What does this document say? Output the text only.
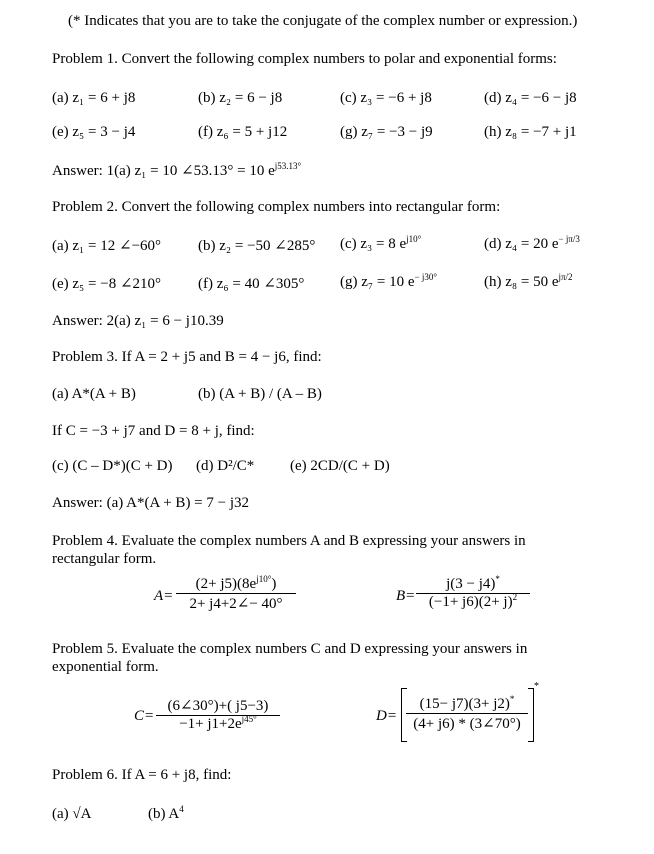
(* Indicates that you are to take the conjugate of the complex number or expression.)
Problem 1. Convert the following complex numbers to polar and exponential forms:
(a) z₁ = 6 + j8	(b) z₂ = 6 − j8	(c) z₃ = −6 + j8	(d) z₄ = −6 − j8
(e) z₅ = 3 − j4	(f) z₆ = 5 + j12	(g) z₇ = −3 − j9	(h) z₈ = −7 + j1
Answer: 1(a) z₁ = 10 ∠53.13° = 10 $e^{j53.13^\circ}$
Problem 2. Convert the following complex numbers into rectangular form:
(a) z₁ = 12 ∠−60° (b) z₂ = −50 ∠285° (c) z₃ = 8 $e^{j10^\circ}$	(d) z₄ = 20 $e^{- j\pi/3}$
(e) z₅ = −8 ∠210° (f) z₆ = 40 ∠305° (g) z₇ = 10 $e^{- j30^\circ}$	(h) z₈ = 50 $e^{j\pi/2}$
Answer: 2(a) z₁ = 6 − j10.39
Problem 3. If A = 2 + j5 and B = 4 − j6, find:
(a) A*(A + B)	(b) (A + B) / (A – B)
If C = −3 + j7 and D = 8 + j, find:
(c) (C – D*)(C + D) (d) D²/C* (e) 2CD/(C + D)
Answer: (a) A*(A + B) = 7 − j32
Problem 4. Evaluate the complex numbers A and B expressing your answers in
rectangular form.
$A= \frac{(2+ j5)(8e^{j10^\circ})}{2+ j4+2\angle- 40^\circ}$	$B= \frac{j(3 - j4)^*}{(-1+ j6)(2+ j)^2}$
Problem 5. Evaluate the complex numbers C and D expressing your answers in
exponential form.
$C= \frac{(6\angle 30^\circ)+( j5-3)}{-1+ j1+2e^{j45^\circ}}$	$D= \frac{(15- j7)(3+ j2)^*}{(4+ j6) * (3\angle 70^\circ)}$
*
Problem 6. If A = 6 + j8, find:
(a) √A	(b) $A^4$
